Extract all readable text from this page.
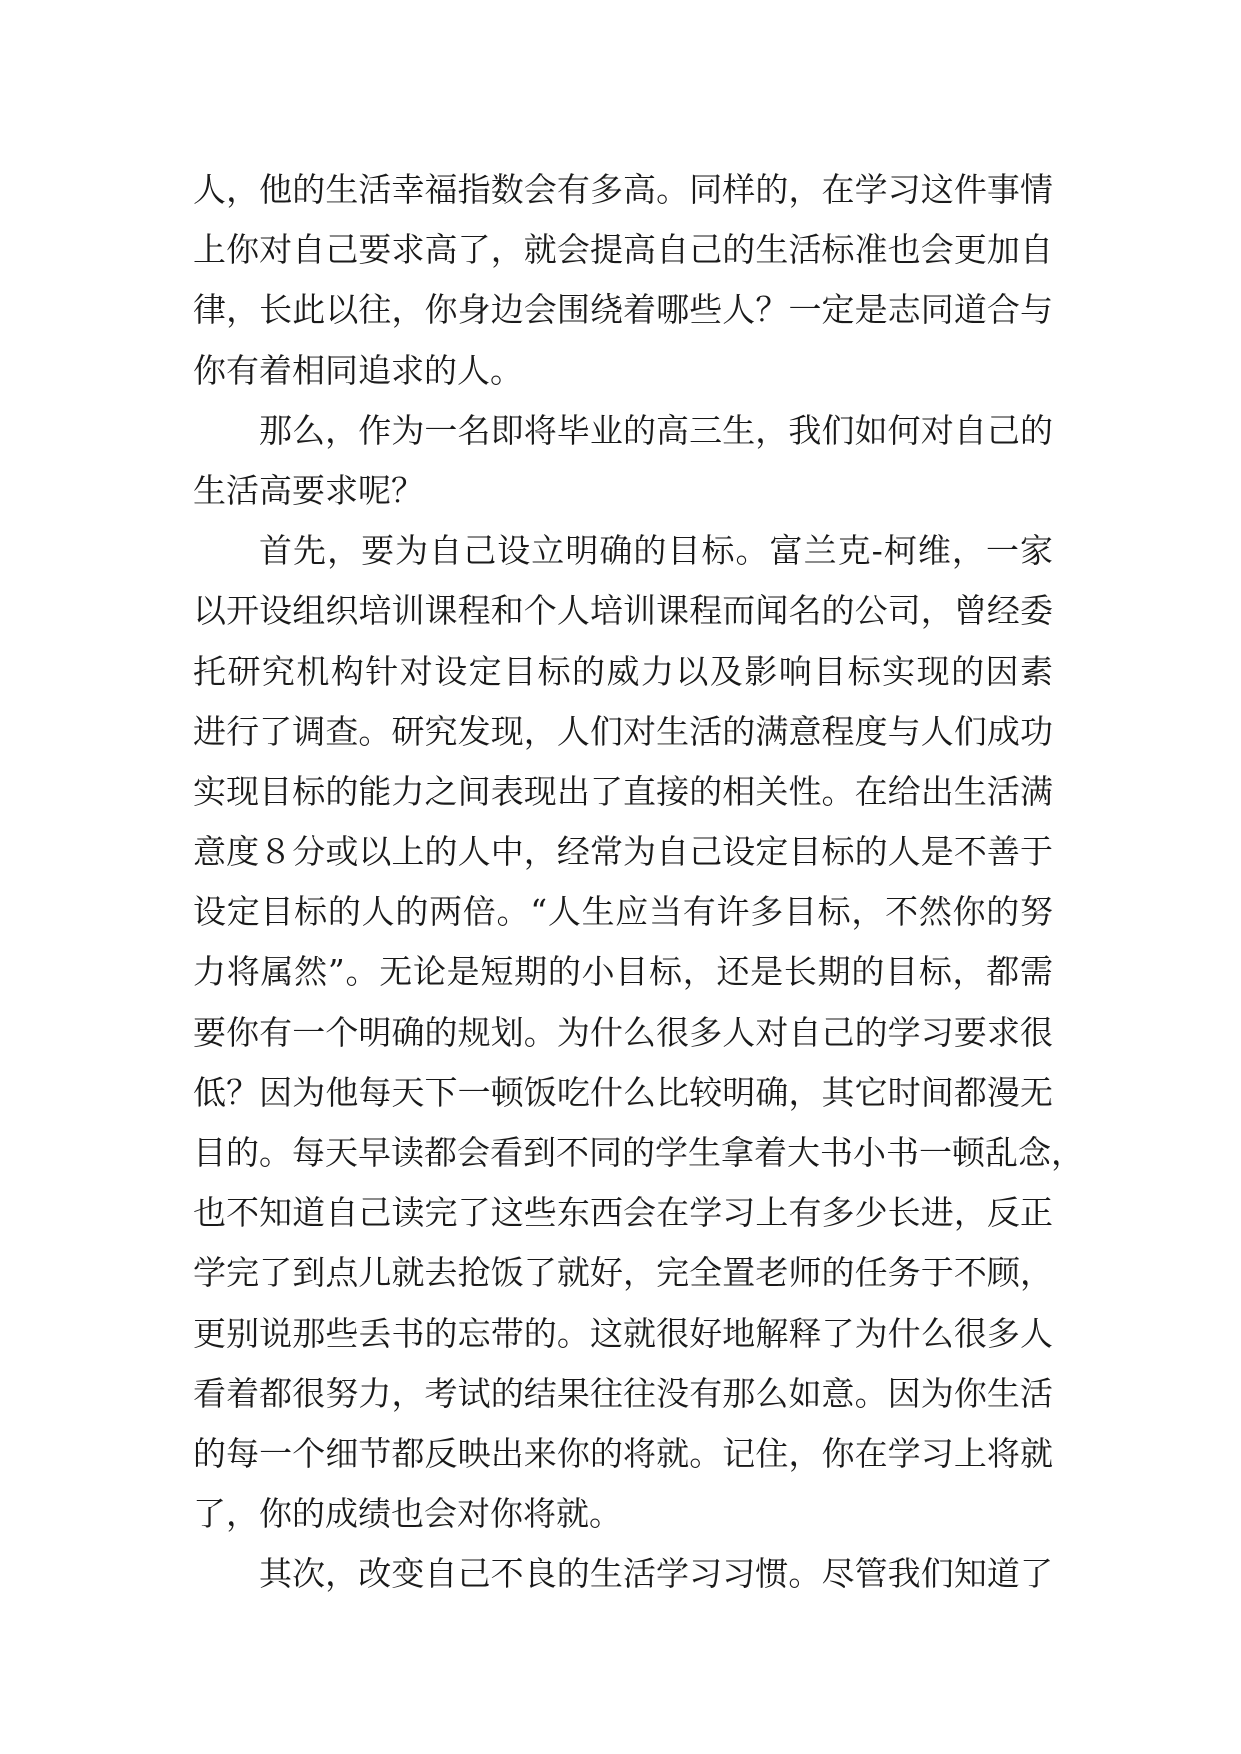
人，他的生活幸福指数会有多高。同样的，在学习这件事情
上你对自己要求高了，就会提高自己的生活标准也会更加自
律，长此以往，你身边会围绕着哪些人？一定是志同道合与
你有着相同追求的人。
那么，作为一名即将毕业的高三生，我们如何对自己的
生活高要求呢？
首先，要为自己设立明确的目标。富兰克-柯维，一家
以开设组织培训课程和个人培训课程而闻名的公司，曾经委
托研究机构针对设定目标的威力以及影响目标实现的因素
进行了调查。研究发现，人们对生活的满意程度与人们成功
实现目标的能力之间表现出了直接的相关性。在给出生活满
意度８分或以上的人中，经常为自己设定目标的人是不善于
设定目标的人的两倍。“人生应当有许多目标，不然你的努
力将属然”。无论是短期的小目标，还是长期的目标，都需
要你有一个明确的规划。为什么很多人对自己的学习要求很
低？因为他每天下一顿饭吃什么比较明确，其它时间都漫无
目的。每天早读都会看到不同的学生拿着大书小书一顿乱念，
也不知道自己读完了这些东西会在学习上有多少长进，反正
学完了到点儿就去抢饭了就好，完全置老师的任务于不顾，
更别说那些丢书的忘带的。这就很好地解释了为什么很多人
看着都很努力，考试的结果往往没有那么如意。因为你生活
的每一个细节都反映出来你的将就。记住，你在学习上将就
了，你的成绩也会对你将就。
其次，改变自己不良的生活学习习惯。尽管我们知道了
